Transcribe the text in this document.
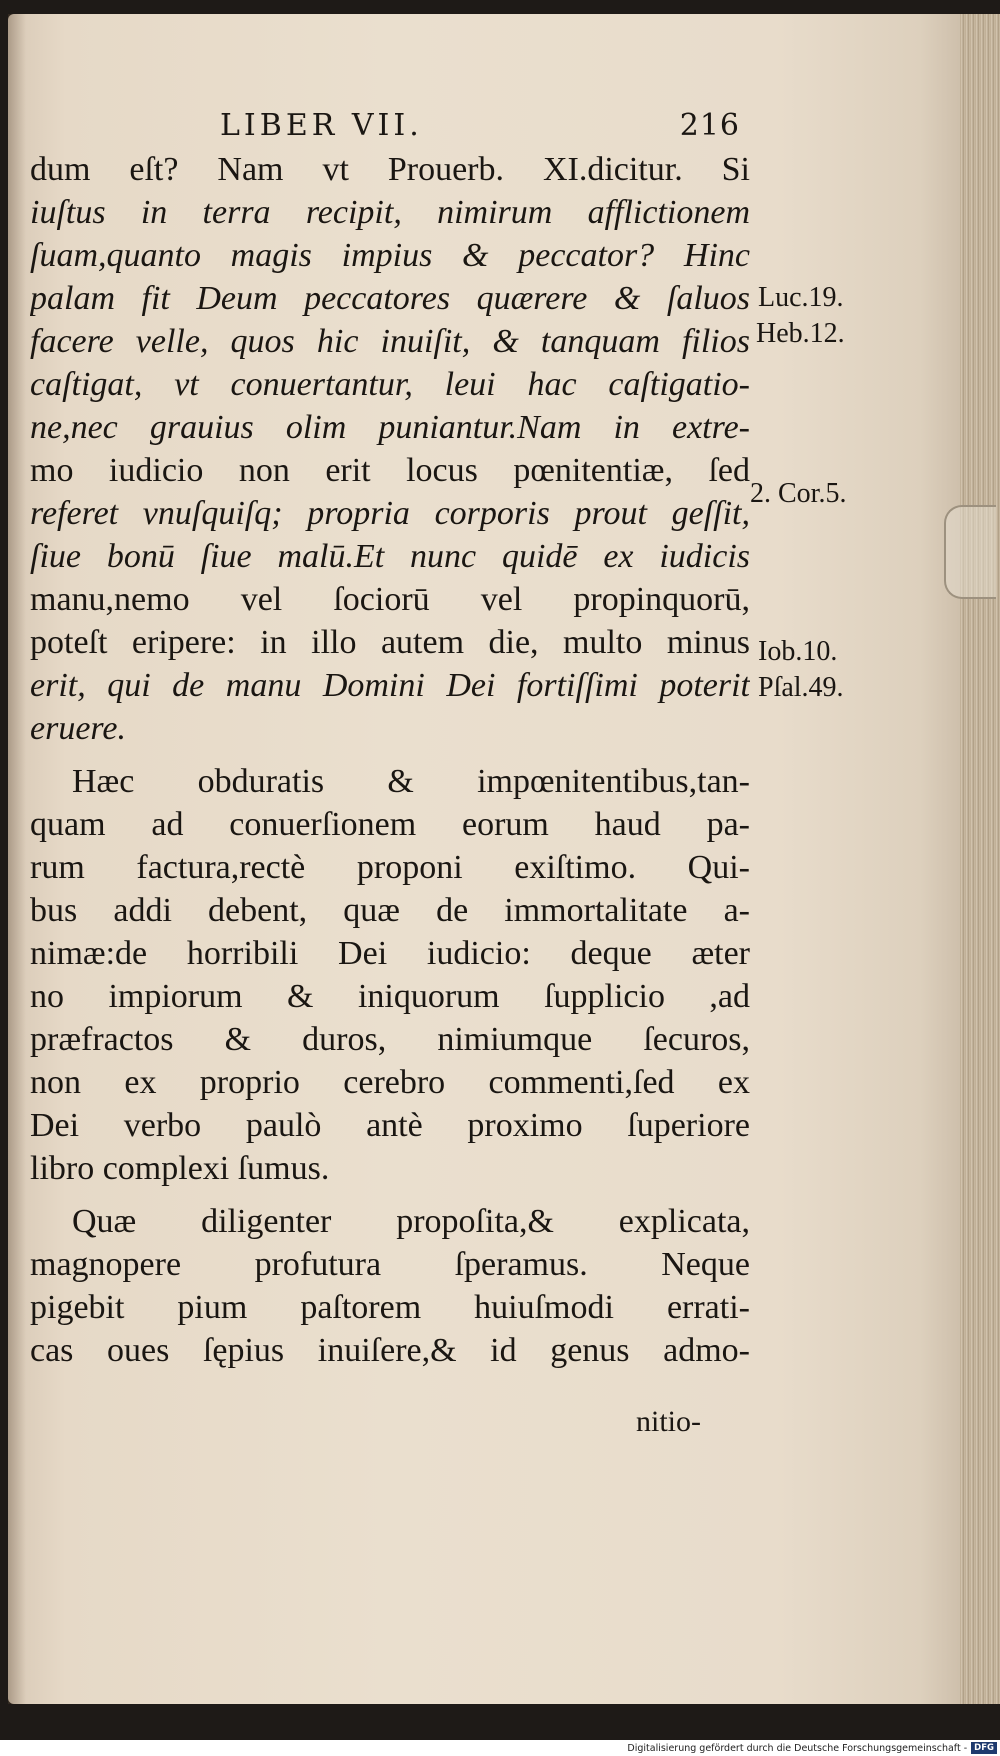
LIBER VII.	216
dum eſt? Nam vt Prouerb. XI.dicitur. Si
iuſtus in terra recipit, nimirum afflictionem
ſuam,quanto magis impius & peccator? Hinc
palam fit Deum peccatores quærere & ſaluos
facere velle, quos hic inuiſit, & tanquam filios
caſtigat, vt conuertantur, leui hac caſtigatio-
ne,nec grauius olim puniantur.Nam in extre-
mo iudicio non erit locus pœnitentiæ, ſed
referet vnuſquiſq; propria corporis prout geſſit,
ſiue bonū ſiue malū.Et nunc quidē ex iudicis
manu,nemo vel ſociorū vel propinquorū,
poteſt eripere: in illo autem die, multo minus
erit, qui de manu Domini Dei fortiſſimi poterit
eruere.
Hæc obduratis & impœnitentibus,tan-
quam ad conuerſionem eorum haud pa-
rum factura,rectè proponi exiſtimo. Qui-
bus addi debent, quæ de immortalitate a-
nimæ:de horribili Dei iudicio: deque æter
no impiorum & iniquorum ſupplicio ,ad
præfractos & duros, nimiumque ſecuros,
non ex proprio cerebro commenti,ſed ex
Dei verbo paulò antè proximo ſuperiore
libro complexi ſumus.
Quæ diligenter propoſita,& explicata,
magnopere profutura ſperamus. Neque
pigebit pium paſtorem huiuſmodi errati-
cas oues ſępius inuiſere,& id genus admo-
nitio-
Luc.19.
Heb.12.
2. Cor.5.
Iob.10.
Pſal.49.
Digitalisierung gefördert durch die Deutsche Forschungsgemeinschaft - DFG
